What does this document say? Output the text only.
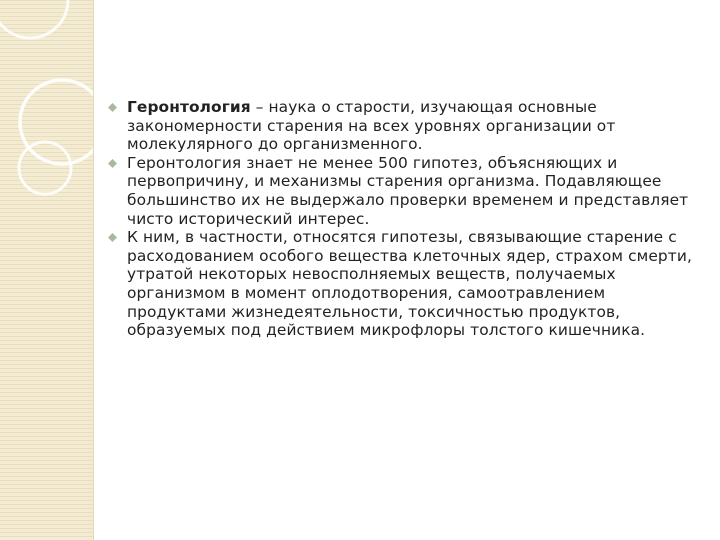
Геронтология – наука о старости, изучающая основные закономерности старения на всех уровнях организации от молекулярного до организменного.
Геронтология знает не менее 500 гипотез, объясняющих и первопричину, и механизмы старения организма. Подавляющее большинство их не выдержало проверки временем и представляет чисто исторический интерес.
К ним, в частности, относятся гипотезы, связывающие старение с расходованием особого вещества клеточных ядер, страхом смерти, утратой некоторых невосполняемых веществ, получаемых организмом в момент оплодотворения, самоотравлением продуктами жизнедеятельности, токсичностью продуктов, образуемых под действием микрофлоры толстого кишечника.
